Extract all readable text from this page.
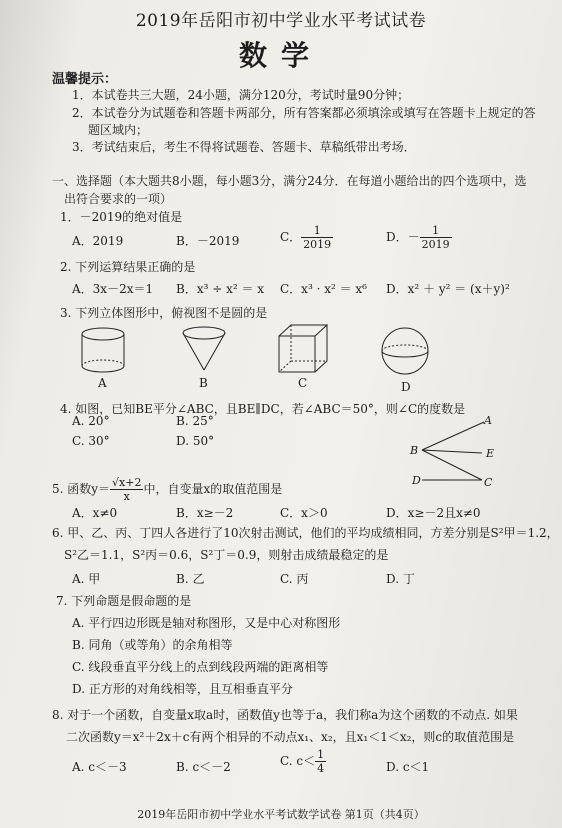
2019年岳阳市初中学业水平考试试卷
数学
温馨提示：
1．本试卷共三大题，24小题，满分120分，考试时量90分钟；
2．本试卷分为试题卷和答题卡两部分，所有答案都必须填涂或填写在答题卡上规定的答
题区域内；
3．考试结束后，考生不得将试题卷、答题卡、草稿纸带出考场．
一、选择题（本大题共8小题，每小题3分，满分24分．在每道小题给出的四个选项中，选
出符合要求的一项）
1．－2019的绝对值是
A．2019	B．－2019	C． $\frac{1}{2019}$	D．－ $\frac{1}{2019}$
2. 下列运算结果正确的是
A．3x－2x＝1 B．x³ ÷ x² ＝ x C．x³ · x² ＝ x⁶ D．x² ＋ y² ＝ (x＋y)²
3. 下列立体图形中，俯视图不是圆的是
A	B	C	D
4. 如图，已知BE平分∠ABC，且BE∥DC，若∠ABC＝50°，则∠C的度数是
A. 20°	B. 25°
C. 30°	D. 50°
A
B	E
D	C
5. 函数$y= \frac{√x+2}{x}$ 中，自变量x的取值范围是
A．x≠0	B．x≥－2	C．x＞0	D．x≥－2且x≠0
6. 甲、乙、丙、丁四人各进行了10次射击测试，他们的平均成绩相同，方差分别是S²甲＝1.2，
S²乙＝1.1，S²丙＝0.6，S²丁＝0.9，则射击成绩最稳定的是
A. 甲	B. 乙	C. 丙	D. 丁
7. 下列命题是假命题的是
A. 平行四边形既是轴对称图形，又是中心对称图形
B. 同角（或等角）的余角相等
C. 线段垂直平分线上的点到线段两端的距离相等
D. 正方形的对角线相等，且互相垂直平分
8. 对于一个函数，自变量x取a时，函数值y也等于a，我们称a为这个函数的不动点. 如果
二次函数y＝x²＋2x＋c有两个相异的不动点x₁、x₂，且x₁＜1＜x₂，则c的取值范围是
A. c＜－3	B. c＜－2	C. $c< \frac{1}{4}$	D. c＜1
2019年岳阳市初中学业水平考试数学试卷 第1页（共4页）
